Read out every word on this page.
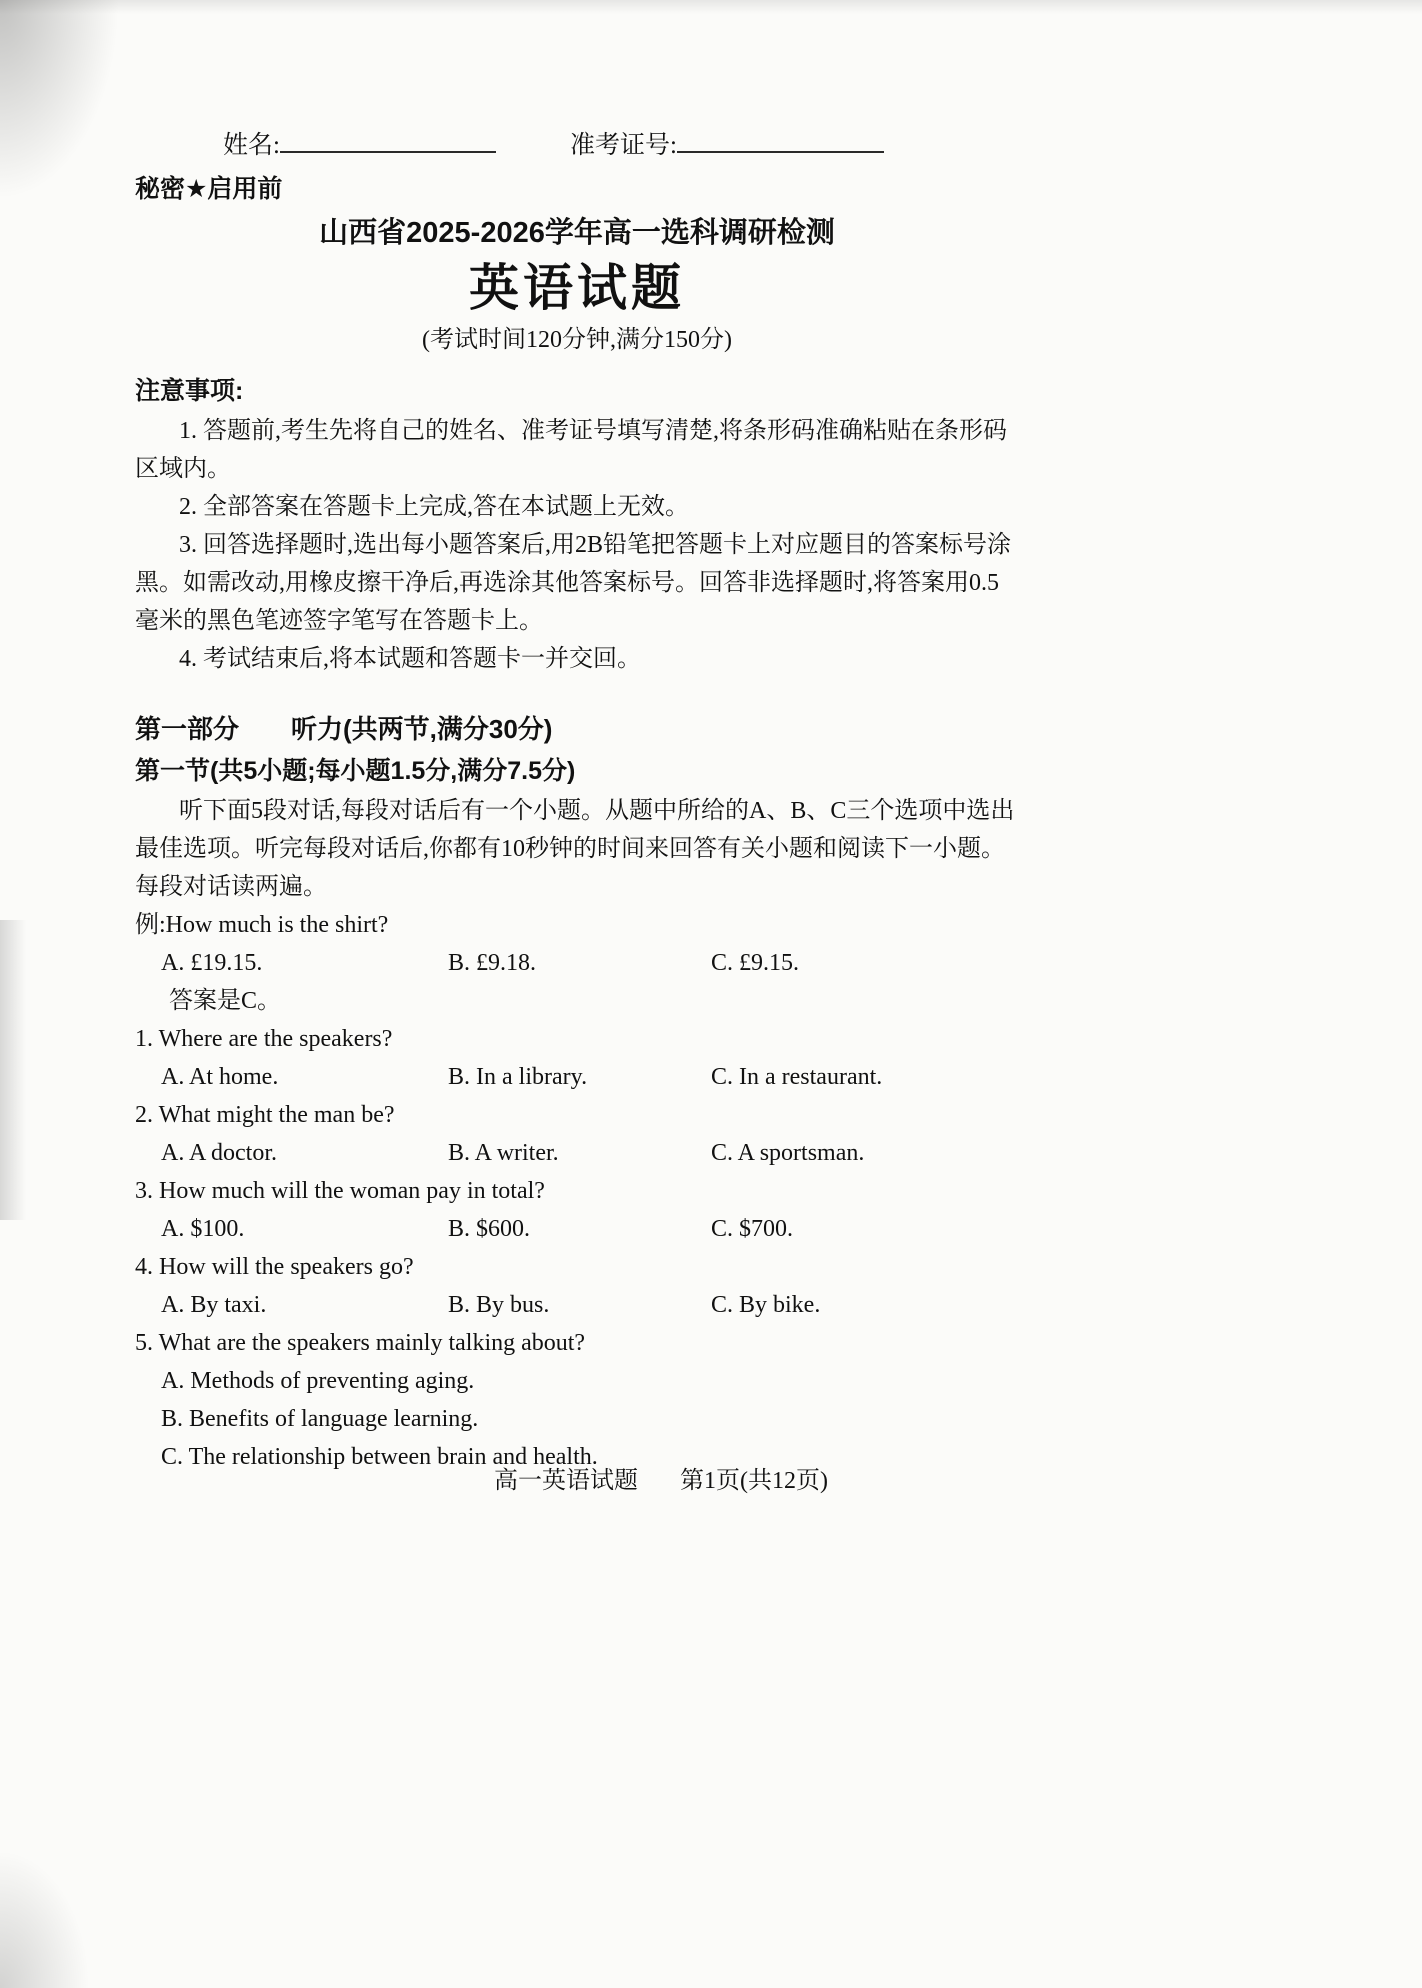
姓名:	准考证号:
秘密★启用前
山西省2025-2026学年高一选科调研检测
英语试题
(考试时间120分钟,满分150分)
注意事项:

1. 答题前,考生先将自己的姓名、准考证号填写清楚,将条形码准确粘贴在条形码区域内。

2. 全部答案在答题卡上完成,答在本试题上无效。

3. 回答选择题时,选出每小题答案后,用2B铅笔把答题卡上对应题目的答案标号涂黑。如需改动,用橡皮擦干净后,再选涂其他答案标号。回答非选择题时,将答案用0.5毫米的黑色笔迹签字笔写在答题卡上。

4. 考试结束后,将本试题和答题卡一并交回。

第一部分　　听力(共两节,满分30分)
第一节(共5小题;每小题1.5分,满分7.5分)

听下面5段对话,每段对话后有一个小题。从题中所给的A、B、C三个选项中选出最佳选项。听完每段对话后,你都有10秒钟的时间来回答有关小题和阅读下一小题。每段对话读两遍。

例:How much is the shirt?

A. £19.15.	B. £9.18.	C. £9.15.

答案是C。

1. Where are the speakers?

A. At home.	B. In a library.	C. In a restaurant.

2. What might the man be?

A. A doctor.	B. A writer.	C. A sportsman.

3. How much will the woman pay in total?

A. $100.	B. $600.	C. $700.

4. How will the speakers go?

A. By taxi.	B. By bus.	C. By bike.

5. What are the speakers mainly talking about?

A. Methods of preventing aging.
B. Benefits of language learning.
C. The relationship between brain and health.
高一英语试题 第1页(共12页)
